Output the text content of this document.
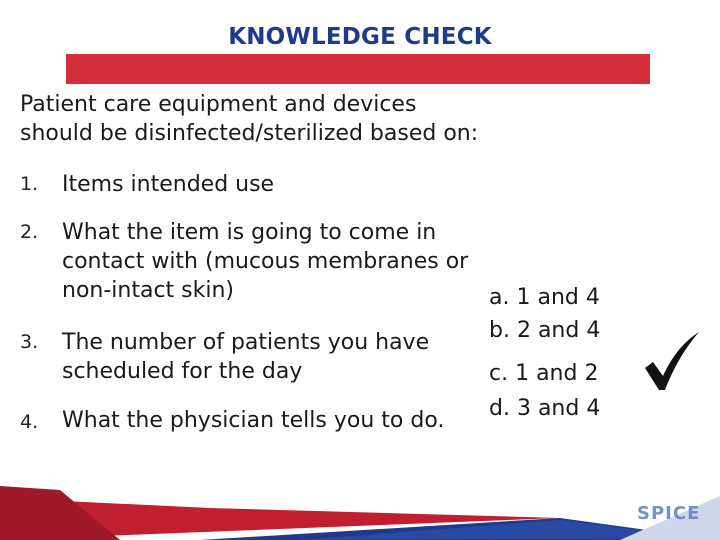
KNOWLEDGE CHECK
Patient care equipment and devices
should be disinfected/sterilized based on:
1. Items intended use
2. What the item is going to come in
contact with (mucous membranes or
non-intact skin)
3. The number of patients you have
scheduled for the day
4. What the physician tells you to do.
a. 1 and 4
b. 2 and 4
c. 1 and 2
d. 3 and 4
SPICE
